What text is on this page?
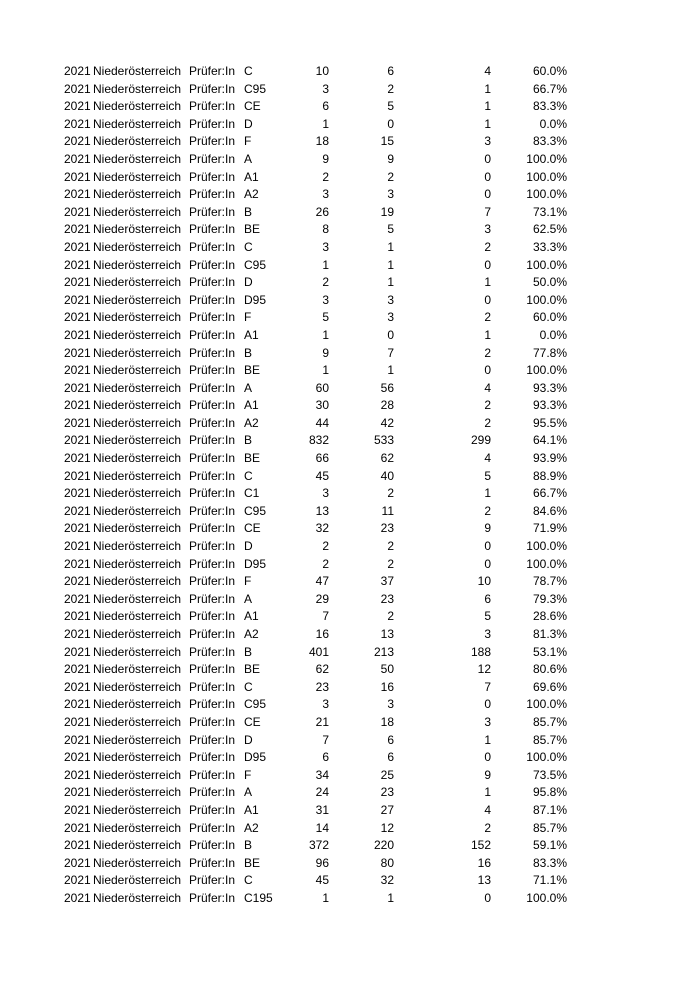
2021 Niederösterreich Prüfer:In C	10	6	4	60.0%
2021 Niederösterreich Prüfer:In C95	3	2	1	66.7%
2021 Niederösterreich Prüfer:In CE	6	5	1	83.3%
2021 Niederösterreich Prüfer:In D	1	0	1	0.0%
2021 Niederösterreich Prüfer:In F	18	15	3	83.3%
2021 Niederösterreich Prüfer:In A	9	9	0	100.0%
2021 Niederösterreich Prüfer:In A1	2	2	0	100.0%
2021 Niederösterreich Prüfer:In A2	3	3	0	100.0%
2021 Niederösterreich Prüfer:In B	26	19	7	73.1%
2021 Niederösterreich Prüfer:In BE	8	5	3	62.5%
2021 Niederösterreich Prüfer:In C	3	1	2	33.3%
2021 Niederösterreich Prüfer:In C95	1	1	0	100.0%
2021 Niederösterreich Prüfer:In D	2	1	1	50.0%
2021 Niederösterreich Prüfer:In D95	3	3	0	100.0%
2021 Niederösterreich Prüfer:In F	5	3	2	60.0%
2021 Niederösterreich Prüfer:In A1	1	0	1	0.0%
2021 Niederösterreich Prüfer:In B	9	7	2	77.8%
2021 Niederösterreich Prüfer:In BE	1	1	0	100.0%
2021 Niederösterreich Prüfer:In A	60	56	4	93.3%
2021 Niederösterreich Prüfer:In A1	30	28	2	93.3%
2021 Niederösterreich Prüfer:In A2	44	42	2	95.5%
2021 Niederösterreich Prüfer:In B	832	533	299	64.1%
2021 Niederösterreich Prüfer:In BE	66	62	4	93.9%
2021 Niederösterreich Prüfer:In C	45	40	5	88.9%
2021 Niederösterreich Prüfer:In C1	3	2	1	66.7%
2021 Niederösterreich Prüfer:In C95	13	11	2	84.6%
2021 Niederösterreich Prüfer:In CE	32	23	9	71.9%
2021 Niederösterreich Prüfer:In D	2	2	0	100.0%
2021 Niederösterreich Prüfer:In D95	2	2	0	100.0%
2021 Niederösterreich Prüfer:In F	47	37	10	78.7%
2021 Niederösterreich Prüfer:In A	29	23	6	79.3%
2021 Niederösterreich Prüfer:In A1	7	2	5	28.6%
2021 Niederösterreich Prüfer:In A2	16	13	3	81.3%
2021 Niederösterreich Prüfer:In B	401	213	188	53.1%
2021 Niederösterreich Prüfer:In BE	62	50	12	80.6%
2021 Niederösterreich Prüfer:In C	23	16	7	69.6%
2021 Niederösterreich Prüfer:In C95	3	3	0	100.0%
2021 Niederösterreich Prüfer:In CE	21	18	3	85.7%
2021 Niederösterreich Prüfer:In D	7	6	1	85.7%
2021 Niederösterreich Prüfer:In D95	6	6	0	100.0%
2021 Niederösterreich Prüfer:In F	34	25	9	73.5%
2021 Niederösterreich Prüfer:In A	24	23	1	95.8%
2021 Niederösterreich Prüfer:In A1	31	27	4	87.1%
2021 Niederösterreich Prüfer:In A2	14	12	2	85.7%
2021 Niederösterreich Prüfer:In B	372	220	152	59.1%
2021 Niederösterreich Prüfer:In BE	96	80	16	83.3%
2021 Niederösterreich Prüfer:In C	45	32	13	71.1%
2021 Niederösterreich Prüfer:In C195	1	1	0	100.0%
